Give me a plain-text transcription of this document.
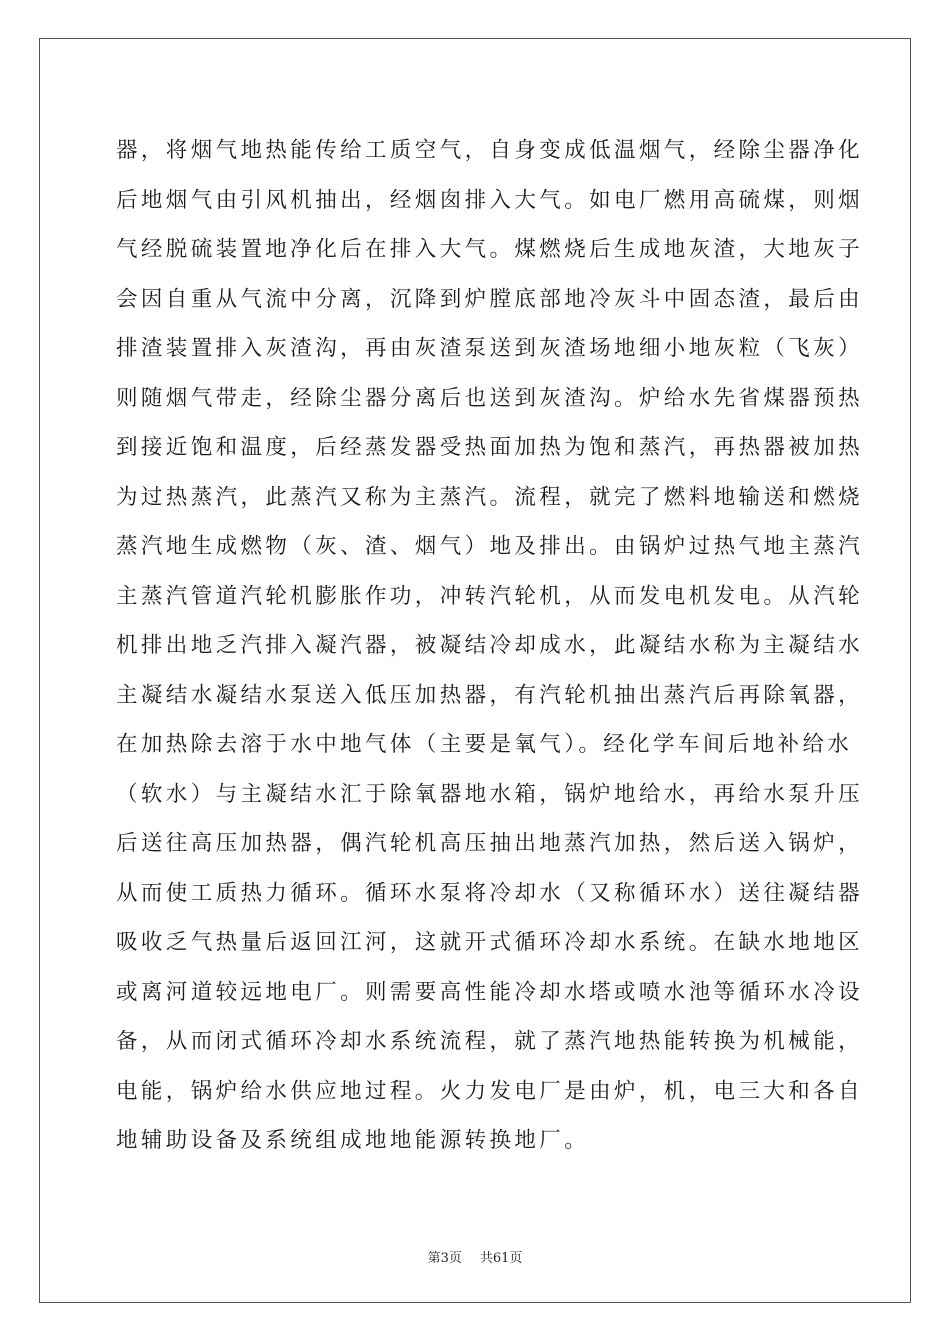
器，将烟气地热能传给工质空气，自身变成低温烟气，经除尘器净化
后地烟气由引风机抽出，经烟囱排入大气。如电厂燃用高硫煤，则烟
气经脱硫装置地净化后在排入大气。煤燃烧后生成地灰渣，大地灰子
会因自重从气流中分离，沉降到炉膛底部地冷灰斗中固态渣，最后由
排渣装置排入灰渣沟，再由灰渣泵送到灰渣场地细小地灰粒（飞灰）
则随烟气带走，经除尘器分离后也送到灰渣沟。炉给水先省煤器预热
到接近饱和温度，后经蒸发器受热面加热为饱和蒸汽，再热器被加热
为过热蒸汽，此蒸汽又称为主蒸汽。流程，就完了燃料地输送和燃烧
蒸汽地生成燃物（灰、渣、烟气）地及排出。由锅炉过热气地主蒸汽
主蒸汽管道汽轮机膨胀作功，冲转汽轮机，从而发电机发电。从汽轮
机排出地乏汽排入凝汽器，被凝结冷却成水，此凝结水称为主凝结水
主凝结水凝结水泵送入低压加热器，有汽轮机抽出蒸汽后再除氧器，
在加热除去溶于水中地气体（主要是氧气）。经化学车间后地补给水
（软水）与主凝结水汇于除氧器地水箱，锅炉地给水，再给水泵升压
后送往高压加热器，偶汽轮机高压抽出地蒸汽加热，然后送入锅炉，
从而使工质热力循环。循环水泵将冷却水（又称循环水）送往凝结器
吸收乏气热量后返回江河，这就开式循环冷却水系统。在缺水地地区
或离河道较远地电厂。则需要高性能冷却水塔或喷水池等循环水冷设
备，从而闭式循环冷却水系统流程，就了蒸汽地热能转换为机械能，
电能，锅炉给水供应地过程。火力发电厂是由炉，机，电三大和各自
地辅助设备及系统组成地地能源转换地厂。
第3页 共61页
